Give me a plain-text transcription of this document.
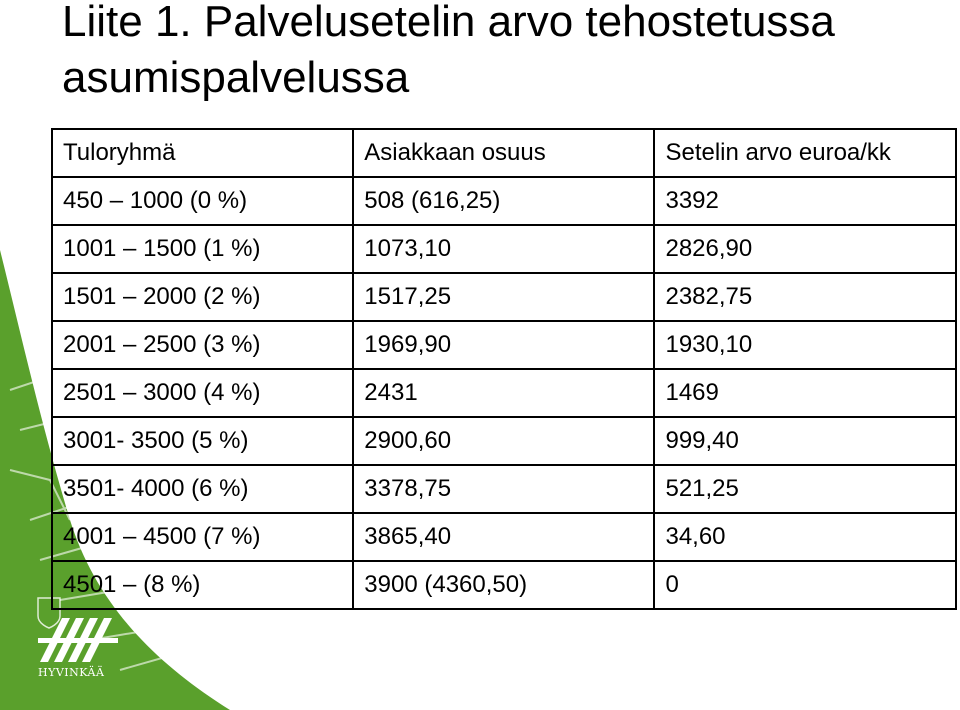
Liite 1. Palvelusetelin arvo tehostetussa
asumispalvelussa
Tuloryhmä	Asiakkaan osuus	Setelin arvo euroa/kk
450 – 1000 (0 %)	508 (616,25)	3392
1001 – 1500 (1 %)	1073,10	2826,90
1501 – 2000 (2 %)	1517,25	2382,75
2001 – 2500 (3 %)	1969,90	1930,10
2501 – 3000 (4 %)	2431	1469
3001- 3500 (5 %)	2900,60	999,40
3501- 4000 (6 %)	3378,75	521,25
4001 – 4500 (7 %)	3865,40	34,60
4501 – (8 %)	3900 (4360,50)	0
HYVINKÄÄ
